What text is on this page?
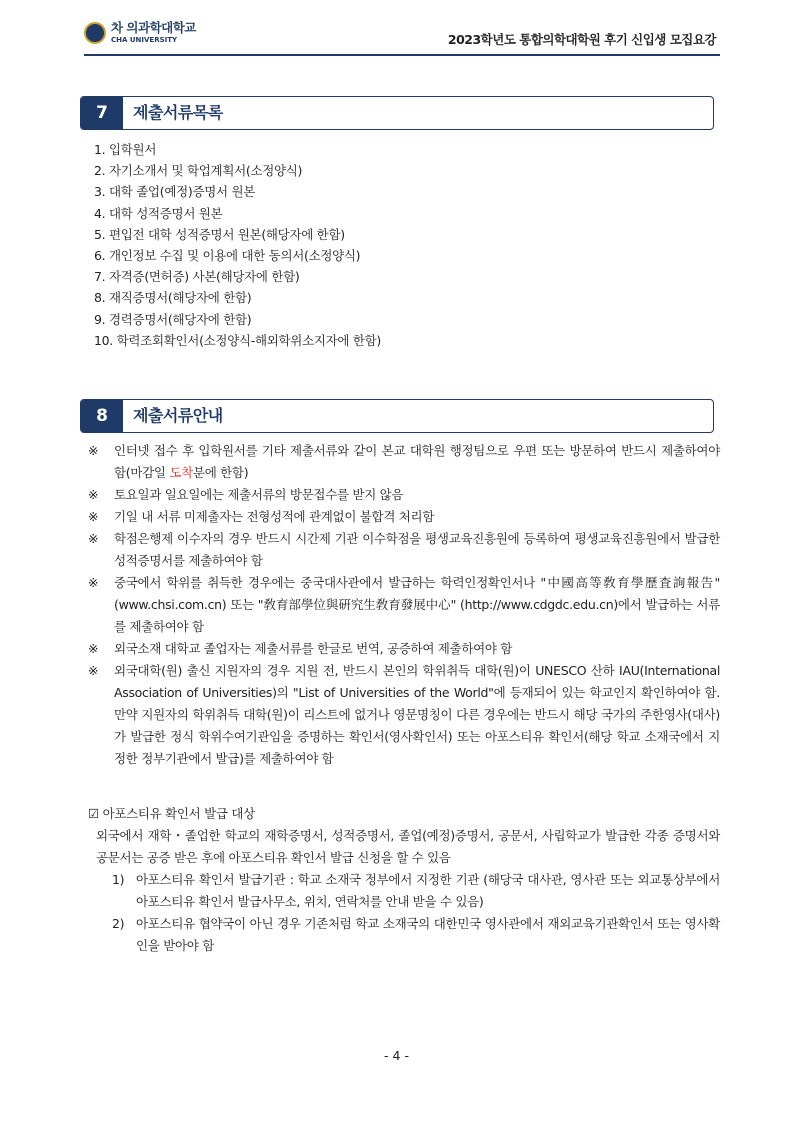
차 의과학대학교
CHA UNIVERSITY	2023학년도 통합의학대학원 후기 신입생 모집요강
7	제출서류목록
1. 입학원서
2. 자기소개서 및 학업계획서(소정양식)
3. 대학 졸업(예정)증명서 원본
4. 대학 성적증명서 원본
5. 편입전 대학 성적증명서 원본(해당자에 한함)
6. 개인정보 수집 및 이용에 대한 동의서(소정양식)
7. 자격증(면허증) 사본(해당자에 한함)
8. 재직증명서(해당자에 한함)
9. 경력증명서(해당자에 한함)
10. 학력조회확인서(소정양식-해외학위소지자에 한함)
8	제출서류안내
※	인터넷 접수 후 입학원서를 기타 제출서류와 같이 본교 대학원 행정팀으로 우편 또는 방문하여 반드시 제출하여야 함(마감일 도착분에 한함)
※	토요일과 일요일에는 제출서류의 방문접수를 받지 않음
※	기일 내 서류 미제출자는 전형성적에 관계없이 불합격 처리함
※	학점은행제 이수자의 경우 반드시 시간제 기관 이수학점을 평생교육진흥원에 등록하여 평생교육진흥원에서 발급한 성적증명서를 제출하여야 함
※	중국에서 학위를 취득한 경우에는 중국대사관에서 발급하는 학력인정확인서나 "中國高等敎育學歷査詢報告" (www.chsi.com.cn) 또는 "敎育部學位與硏究生敎育發展中心" (http://www.cdgdc.edu.cn)에서 발급하는 서류를 제출하여야 함
※	외국소재 대학교 졸업자는 제출서류를 한글로 번역, 공증하여 제출하여야 함
※	외국대학(원) 출신 지원자의 경우 지원 전, 반드시 본인의 학위취득 대학(원)이 UNESCO 산하 IAU(International Association of Universities)의 "List of Universities of the World"에 등재되어 있는 학교인지 확인하여야 함. 만약 지원자의 학위취득 대학(원)이 리스트에 없거나 영문명칭이 다른 경우에는 반드시 해당 국가의 주한영사(대사)가 발급한 정식 학위수여기관임을 증명하는 확인서(영사확인서) 또는 아포스티유 확인서(해당 학교 소재국에서 지정한 정부기관에서 발급)를 제출하여야 함
☑ 아포스티유 확인서 발급 대상
외국에서 재학・졸업한 학교의 재학증명서, 성적증명서, 졸업(예정)증명서, 공문서, 사립학교가 발급한 각종 증명서와 공문서는 공증 받은 후에 아포스티유 확인서 발급 신청을 할 수 있음
1) 아포스티유 확인서 발급기관 : 학교 소재국 정부에서 지정한 기관 (해당국 대사관, 영사관 또는 외교통상부에서 아포스티유 확인서 발급사무소, 위치, 연락처를 안내 받을 수 있음)
2) 아포스티유 협약국이 아닌 경우 기존처럼 학교 소재국의 대한민국 영사관에서 재외교육기관확인서 또는 영사확인을 받아야 함
- 4 -
